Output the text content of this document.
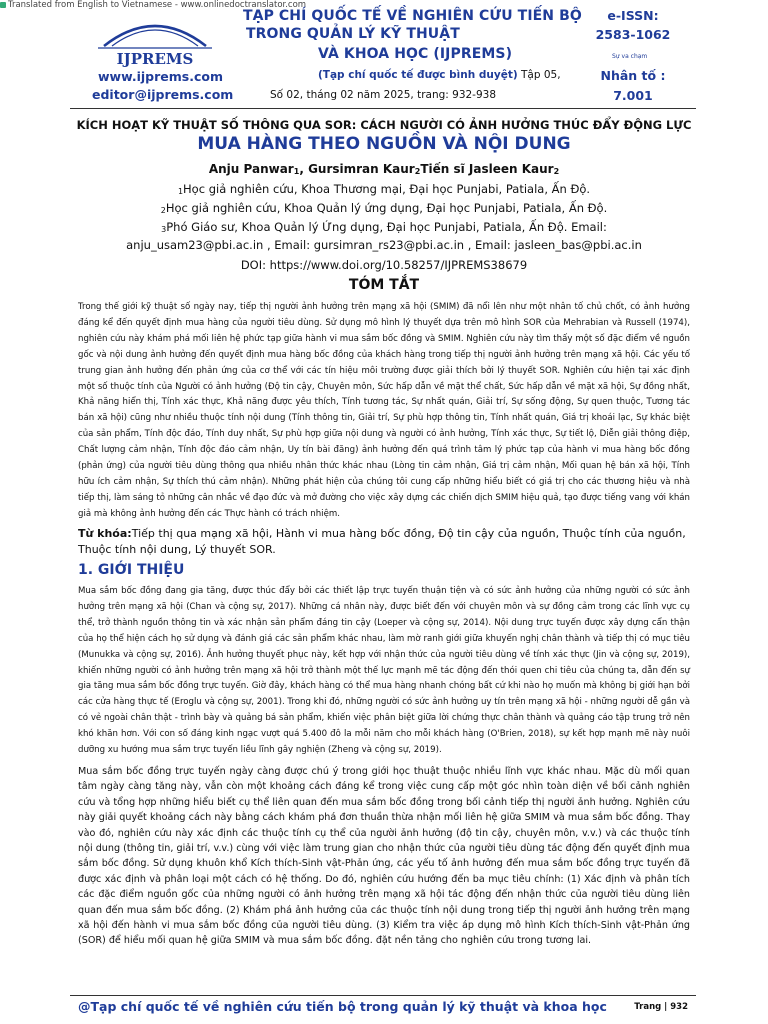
Translated from English to Vietnamese - www.onlinedoctranslator.com
IJPREMS
www.ijprems.com
editor@ijprems.com
TẠP CHÍ QUỐC TẾ VỀ NGHIÊN CỨU TIẾN BỘ
TRONG QUẢN LÝ KỸ THUẬT
VÀ KHOA HỌC (IJPREMS)
(Tạp chí quốc tế được bình duyệt) Tập 05,
Số 02, tháng 02 năm 2025, trang: 932-938
e-ISSN:
2583-1062
Sự va chạm
Nhân tố :
7.001
KÍCH HOẠT KỸ THUẬT SỐ THÔNG QUA SOR: CÁCH NGƯỜI CÓ ẢNH HƯỞNG THÚC ĐẨY ĐỘNG LỰC
MUA HÀNG THEO NGUỒN VÀ NỘI DUNG
Anju Panwar$_1$, Gursimran Kaur$_2$Tiến sĩ Jasleen Kaur$_2$
$_1$Học giả nghiên cứu, Khoa Thương mại, Đại học Punjabi, Patiala, Ấn Độ.
$_2$Học giả nghiên cứu, Khoa Quản lý ứng dụng, Đại học Punjabi, Patiala, Ấn Độ.
$_3$Phó Giáo sư, Khoa Quản lý Ứng dụng, Đại học Punjabi, Patiala, Ấn Độ. Email:
anju_usam23@pbi.ac.in , Email: gursimran_rs23@pbi.ac.in , Email: jasleen_bas@pbi.ac.in
DOI: https://www.doi.org/10.58257/IJPREMS38679
TÓM TẮT

Trong thế giới kỹ thuật số ngày nay, tiếp thị người ảnh hưởng trên mạng xã hội (SMIM) đã nổi lên như một nhân tố chủ chốt, có ảnh hưởng đáng kể đến quyết định mua hàng của người tiêu dùng. Sử dụng mô hình lý thuyết dựa trên mô hình SOR của Mehrabian và Russell (1974), nghiên cứu này khám phá mối liên hệ phức tạp giữa hành vi mua sắm bốc đồng và SMIM. Nghiên cứu này tìm thấy một số đặc điểm về nguồn gốc và nội dung ảnh hưởng đến quyết định mua hàng bốc đồng của khách hàng trong tiếp thị người ảnh hưởng trên mạng xã hội. Các yếu tố trung gian ảnh hưởng đến phản ứng của cơ thể với các tín hiệu môi trường được giải thích bởi lý thuyết SOR. Nghiên cứu hiện tại xác định một số thuộc tính của Người có ảnh hưởng (Độ tin cậy, Chuyên môn, Sức hấp dẫn về mặt thể chất, Sức hấp dẫn về mặt xã hội, Sự đồng nhất, Khả năng hiển thị, Tính xác thực, Khả năng được yêu thích, Tính tương tác, Sự nhất quán, Giải trí, Sự sống động, Sự quen thuộc, Tương tác bán xã hội) cũng như nhiều thuộc tính nội dung (Tính thông tin, Giải trí, Sự phù hợp thông tin, Tính nhất quán, Giá trị khoái lạc, Sự khác biệt của sản phẩm, Tính độc đáo, Tính duy nhất, Sự phù hợp giữa nội dung và người có ảnh hưởng, Tính xác thực, Sự tiết lộ, Diễn giải thông điệp, Chất lượng cảm nhận, Tính độc đáo cảm nhận, Uy tín bài đăng) ảnh hưởng đến quá trình tâm lý phức tạp của hành vi mua hàng bốc đồng (phản ứng) của người tiêu dùng thông qua nhiều nhân thức khác nhau (Lòng tin cảm nhận, Giá trị cảm nhận, Mối quan hệ bán xã hội, Tính hữu ích cảm nhận, Sự thích thú cảm nhận). Những phát hiện của chúng tôi cung cấp những hiểu biết có giá trị cho các thương hiệu và nhà tiếp thị, làm sáng tỏ những cân nhắc về đạo đức và mở đường cho việc xây dựng các chiến dịch SMIM hiệu quả, tạo được tiếng vang với khán giả mà không ảnh hưởng đến các Thực hành có trách nhiệm.

Từ khóa:Tiếp thị qua mạng xã hội, Hành vi mua hàng bốc đồng, Độ tin cậy của nguồn, Thuộc tính của nguồn, Thuộc tính nội dung, Lý thuyết SOR.
1. GIỚI THIỆU

Mua sắm bốc đồng đang gia tăng, được thúc đẩy bởi các thiết lập trực tuyến thuận tiện và có sức ảnh hưởng của những người có sức ảnh hưởng trên mạng xã hội (Chan và cộng sự, 2017). Những cá nhân này, được biết đến với chuyên môn và sự đồng cảm trong các lĩnh vực cụ thể, trở thành nguồn thông tin và xác nhận sản phẩm đáng tin cậy (Loeper và cộng sự, 2014). Nội dung trực tuyến được xây dựng cẩn thận của họ thể hiện cách họ sử dụng và đánh giá các sản phẩm khác nhau, làm mờ ranh giới giữa khuyến nghị chân thành và tiếp thị có mục tiêu (Munukka và cộng sự, 2016). Ảnh hưởng thuyết phục này, kết hợp với nhận thức của người tiêu dùng về tính xác thực (Jin và cộng sự, 2019), khiến những người có ảnh hưởng trên mạng xã hội trở thành một thế lực mạnh mẽ tác động đến thói quen chi tiêu của chúng ta, dẫn đến sự gia tăng mua sắm bốc đồng trực tuyến. Giờ đây, khách hàng có thể mua hàng nhanh chóng bất cứ khi nào họ muốn mà không bị giới hạn bởi các cửa hàng thực tế (Eroglu và cộng sự, 2001). Trong khi đó, những người có sức ảnh hưởng uy tín trên mạng xã hội - những người dễ gần và có vẻ ngoài chân thật - trình bày và quảng bá sản phẩm, khiến việc phân biệt giữa lời chứng thực chân thành và quảng cáo tập trung trở nên khó khăn hơn. Với con số đáng kinh ngạc vượt quá 5.400 đô la mỗi năm cho mỗi khách hàng (O'Brien, 2018), sự kết hợp mạnh mẽ này nuôi dưỡng xu hướng mua sắm trực tuyến liều lĩnh gây nghiện (Zheng và cộng sự, 2019).

Mua sắm bốc đồng trực tuyến ngày càng được chú ý trong giới học thuật thuộc nhiều lĩnh vực khác nhau. Mặc dù mối quan tâm ngày càng tăng này, vẫn còn một khoảng cách đáng kể trong việc cung cấp một góc nhìn toàn diện về bối cảnh nghiên cứu và tổng hợp những hiểu biết cụ thể liên quan đến mua sắm bốc đồng trong bối cảnh tiếp thị người ảnh hưởng. Nghiên cứu này giải quyết khoảng cách này bằng cách khám phá đơn thuần thừa nhận mối liên hệ giữa SMIM và mua sắm bốc đồng. Thay vào đó, nghiên cứu này xác định các thuộc tính cụ thể của người ảnh hưởng (độ tin cậy, chuyên môn, v.v.) và các thuộc tính nội dung (thông tin, giải trí, v.v.) cùng với việc làm trung gian cho nhận thức của người tiêu dùng tác động đến quyết định mua sắm bốc đồng. Sử dụng khuôn khổ Kích thích-Sinh vật-Phản ứng, các yếu tố ảnh hưởng đến mua sắm bốc đồng trực tuyến đã được xác định và phân loại một cách có hệ thống. Do đó, nghiên cứu hướng đến ba mục tiêu chính: (1) Xác định và phân tích các đặc điểm nguồn gốc của những người có ảnh hưởng trên mạng xã hội tác động đến nhận thức của người tiêu dùng liên quan đến mua sắm bốc đồng. (2) Khám phá ảnh hưởng của các thuộc tính nội dung trong tiếp thị người ảnh hưởng trên mạng xã hội đến hành vi mua sắm bốc đồng của người tiêu dùng. (3) Kiểm tra việc áp dụng mô hình Kích thích-Sinh vật-Phản ứng (SOR) để hiểu mối quan hệ giữa SMIM và mua sắm bốc đồng. đặt nền tảng cho nghiên cứu trong tương lai.

@Tạp chí quốc tế về nghiên cứu tiến bộ trong quản lý kỹ thuật và khoa học	Trang | 932
